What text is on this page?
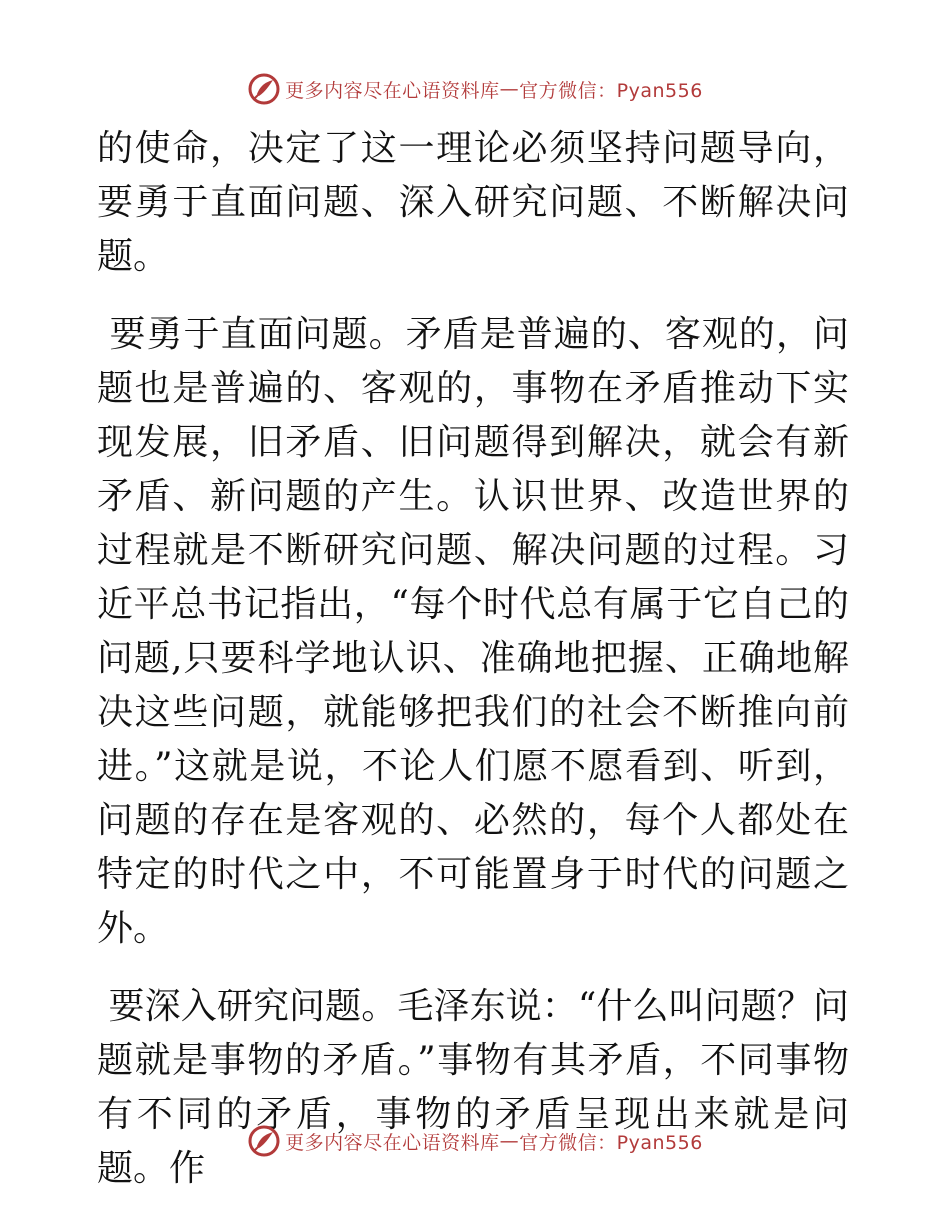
更多内容尽在心语资料库 — 官方微信：Pyan556

的使命，决定了这一理论必须坚持问题导向，要勇于直面问题、深入研究问题、不断解决问题。

要勇于直面问题。矛盾是普遍的、客观的，问题也是普遍的、客观的，事物在矛盾推动下实现发展，旧矛盾、旧问题得到解决，就会有新矛盾、新问题的产生。认识世界、改造世界的过程就是不断研究问题、解决问题的过程。习近平总书记指出，“每个时代总有属于它自己的问题,只要科学地认识、准确地把握、正确地解决这些问题，就能够把我们的社会不断推向前进。”这就是说，不论人们愿不愿看到、听到，问题的存在是客观的、必然的，每个人都处在特定的时代之中，不可能置身于时代的问题之外。

要深入研究问题。毛泽东说：“什么叫问题？问题就是事物的矛盾。”事物有其矛盾，不同事物有不同的矛盾，事物的矛盾呈现出来就是问题。作

更多内容尽在心语资料库 — 官方微信：Pyan556
